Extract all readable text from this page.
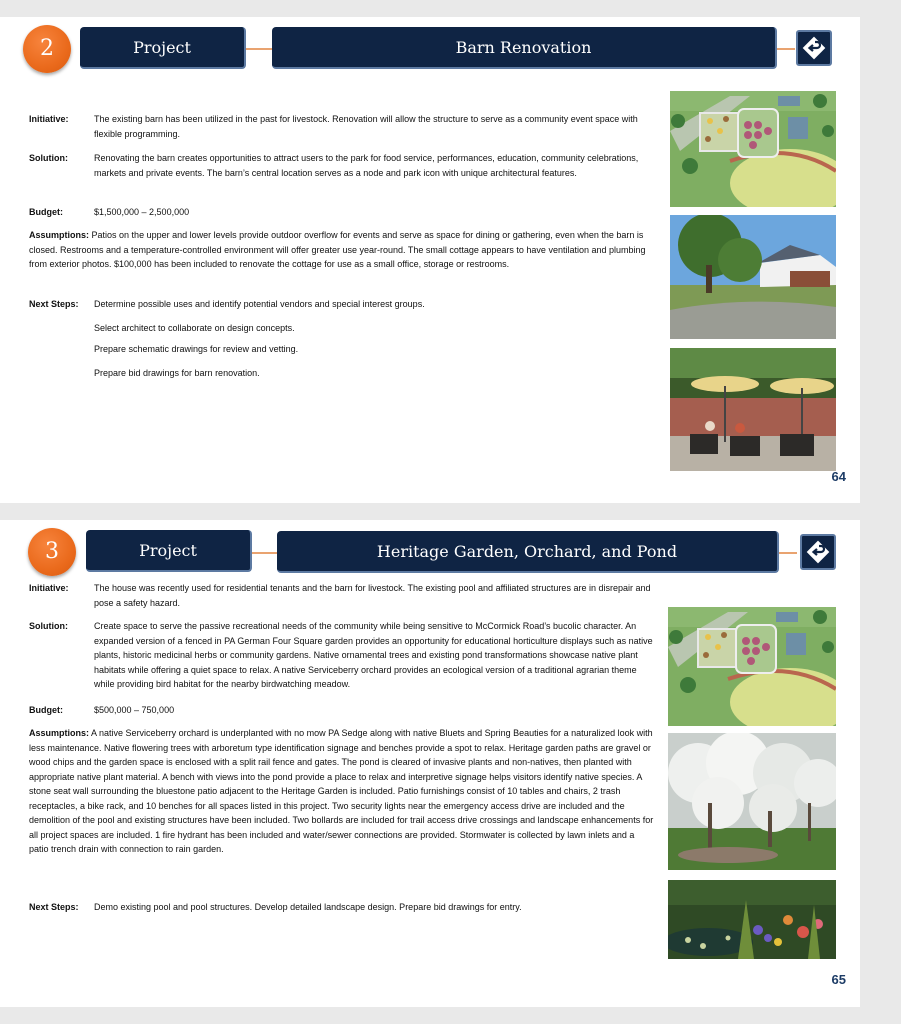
2	Project	Barn Renovation
Initiative:	The existing barn has been utilized in the past for livestock. Renovation will allow the structure to serve as a community event space with flexible programming.
Solution:	Renovating the barn creates opportunities to attract users to the park for food service, performances, education, community celebrations, markets and private events. The barn’s central location serves as a node and park icon with unique architectural features.
Budget:	$1,500,000 – 2,500,000
Assumptions: Patios on the upper and lower levels provide outdoor overflow for events and serve as space for dining or gathering, even when the barn is closed. Restrooms and a temperature-controlled environment will offer greater use year-round. The small cottage appears to have ventilation and plumbing from exterior photos. $100,000 has been included to renovate the cottage for use as a small office, storage or restrooms.
Next Steps:	Determine possible uses and identify potential vendors and special interest groups.
Select architect to collaborate on design concepts.
Prepare schematic drawings for review and vetting.
Prepare bid drawings for barn renovation.
64
3	Project	Heritage Garden, Orchard, and Pond
Initiative:	The house was recently used for residential tenants and the barn for livestock. The existing pool and affiliated structures are in disrepair and pose a safety hazard.
Solution:	Create space to serve the passive recreational needs of the community while being sensitive to McCormick Road’s bucolic character. An expanded version of a fenced in PA German Four Square garden provides an opportunity for educational horticulture displays such as native plants, historic medicinal herbs or community gardens. Native ornamental trees and existing pond transformations showcase native plant habitats while offering a quiet space to relax. A native Serviceberry orchard provides an ecological version of a traditional agrarian theme while providing bird habitat for the nearby birdwatching meadow.
Budget:	$500,000 – 750,000
Assumptions: A native Serviceberry orchard is underplanted with no mow PA Sedge along with native Bluets and Spring Beauties for a naturalized look with less maintenance. Native flowering trees with arboretum type identification signage and benches provide a spot to relax. Heritage garden paths are gravel or wood chips and the garden space is enclosed with a split rail fence and gates. The pond is cleared of invasive plants and non-natives, then planted with appropriate native plant material. A bench with views into the pond provide a place to relax and interpretive signage helps visitors identify native species. A stone seat wall surrounding the bluestone patio adjacent to the Heritage Garden is included. Patio furnishings consist of 10 tables and chairs, 2 trash receptacles, a bike rack, and 10 benches for all spaces listed in this project. Two security lights near the emergency access drive are included and the demolition of the pool and existing structures have been included. Two bollards are included for trail access drive crossings and landscape enhancements for all project spaces are included. 1 fire hydrant has been included and water/sewer connections are provided. Stormwater is collected by lawn inlets and a patio trench drain with connection to rain garden.
Next Steps:	Demo existing pool and pool structures. Develop detailed landscape design. Prepare bid drawings for entry.
65
